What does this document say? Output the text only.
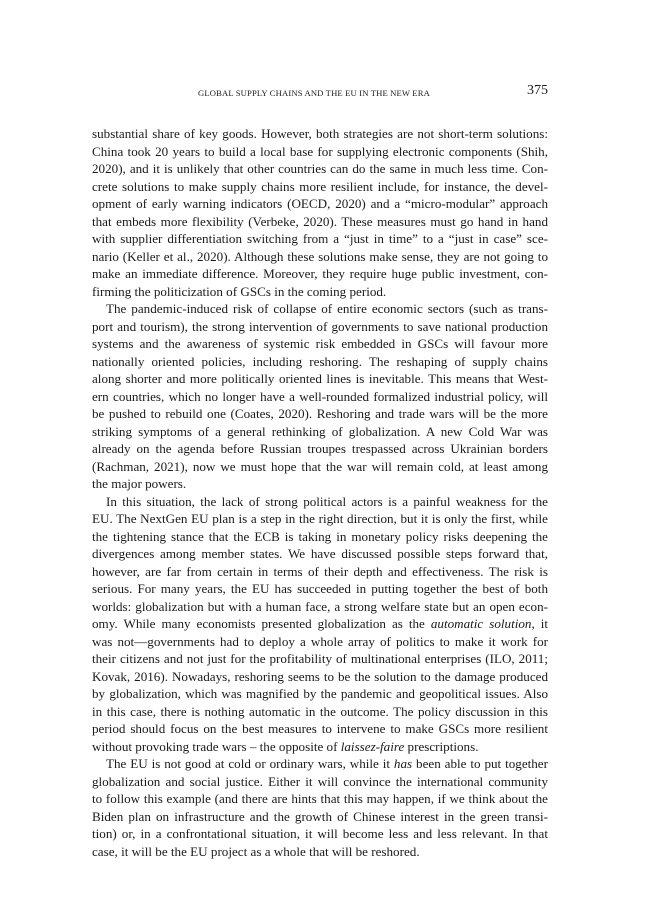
GLOBAL SUPPLY CHAINS AND THE EU IN THE NEW ERA	375

substantial share of key goods. However, both strategies are not short-term solutions:
China took 20 years to build a local base for supplying electronic components (Shih,
2020), and it is unlikely that other countries can do the same in much less time. Con-
crete solutions to make supply chains more resilient include, for instance, the devel-
opment of early warning indicators (OECD, 2020) and a “micro-modular” approach
that embeds more flexibility (Verbeke, 2020). These measures must go hand in hand
with supplier differentiation switching from a “just in time” to a “just in case” sce-
nario (Keller et al., 2020). Although these solutions make sense, they are not going to
make an immediate difference. Moreover, they require huge public investment, con-
firming the politicization of GSCs in the coming period.

The pandemic-induced risk of collapse of entire economic sectors (such as trans-
port and tourism), the strong intervention of governments to save national production
systems and the awareness of systemic risk embedded in GSCs will favour more
nationally oriented policies, including reshoring. The reshaping of supply chains
along shorter and more politically oriented lines is inevitable. This means that West-
ern countries, which no longer have a well-rounded formalized industrial policy, will
be pushed to rebuild one (Coates, 2020). Reshoring and trade wars will be the more
striking symptoms of a general rethinking of globalization. A new Cold War was
already on the agenda before Russian troupes trespassed across Ukrainian borders
(Rachman, 2021), now we must hope that the war will remain cold, at least among
the major powers.

In this situation, the lack of strong political actors is a painful weakness for the
EU. The NextGen EU plan is a step in the right direction, but it is only the first, while
the tightening stance that the ECB is taking in monetary policy risks deepening the
divergences among member states. We have discussed possible steps forward that,
however, are far from certain in terms of their depth and effectiveness. The risk is
serious. For many years, the EU has succeeded in putting together the best of both
worlds: globalization but with a human face, a strong welfare state but an open econ-
omy. While many economists presented globalization as the automatic solution, it
was not—governments had to deploy a whole array of politics to make it work for
their citizens and not just for the profitability of multinational enterprises (ILO, 2011;
Kovak, 2016). Nowadays, reshoring seems to be the solution to the damage produced
by globalization, which was magnified by the pandemic and geopolitical issues. Also
in this case, there is nothing automatic in the outcome. The policy discussion in this
period should focus on the best measures to intervene to make GSCs more resilient
without provoking trade wars – the opposite of laissez-faire prescriptions.

The EU is not good at cold or ordinary wars, while it has been able to put together
globalization and social justice. Either it will convince the international community
to follow this example (and there are hints that this may happen, if we think about the
Biden plan on infrastructure and the growth of Chinese interest in the green transi-
tion) or, in a confrontational situation, it will become less and less relevant. In that
case, it will be the EU project as a whole that will be reshored.
